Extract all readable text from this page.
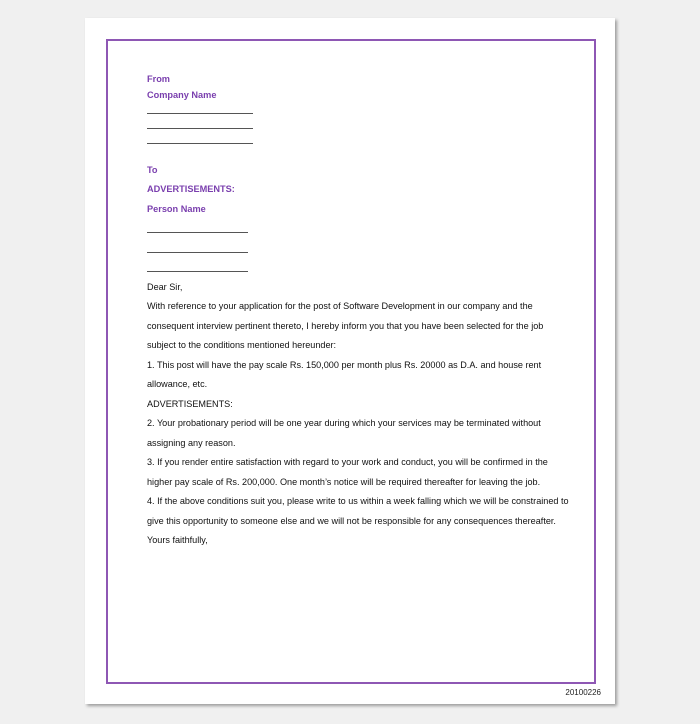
From
Company Name
To
ADVERTISEMENTS:
Person Name
Dear Sir,
With reference to your application for the post of Software Development in our company and the
consequent interview pertinent thereto, I hereby inform you that you have been selected for the job
subject to the conditions mentioned hereunder:
1. This post will have the pay scale Rs. 150,000 per month plus Rs. 20000 as D.A. and house rent
allowance, etc.
ADVERTISEMENTS:
2. Your probationary period will be one year during which your services may be terminated without
assigning any reason.
3. If you render entire satisfaction with regard to your work and conduct, you will be confirmed in the
higher pay scale of Rs. 200,000. One month’s notice will be required thereafter for leaving the job.
4. If the above conditions suit you, please write to us within a week falling which we will be constrained to
give this opportunity to someone else and we will not be responsible for any consequences thereafter.
Yours faithfully,
20100226
